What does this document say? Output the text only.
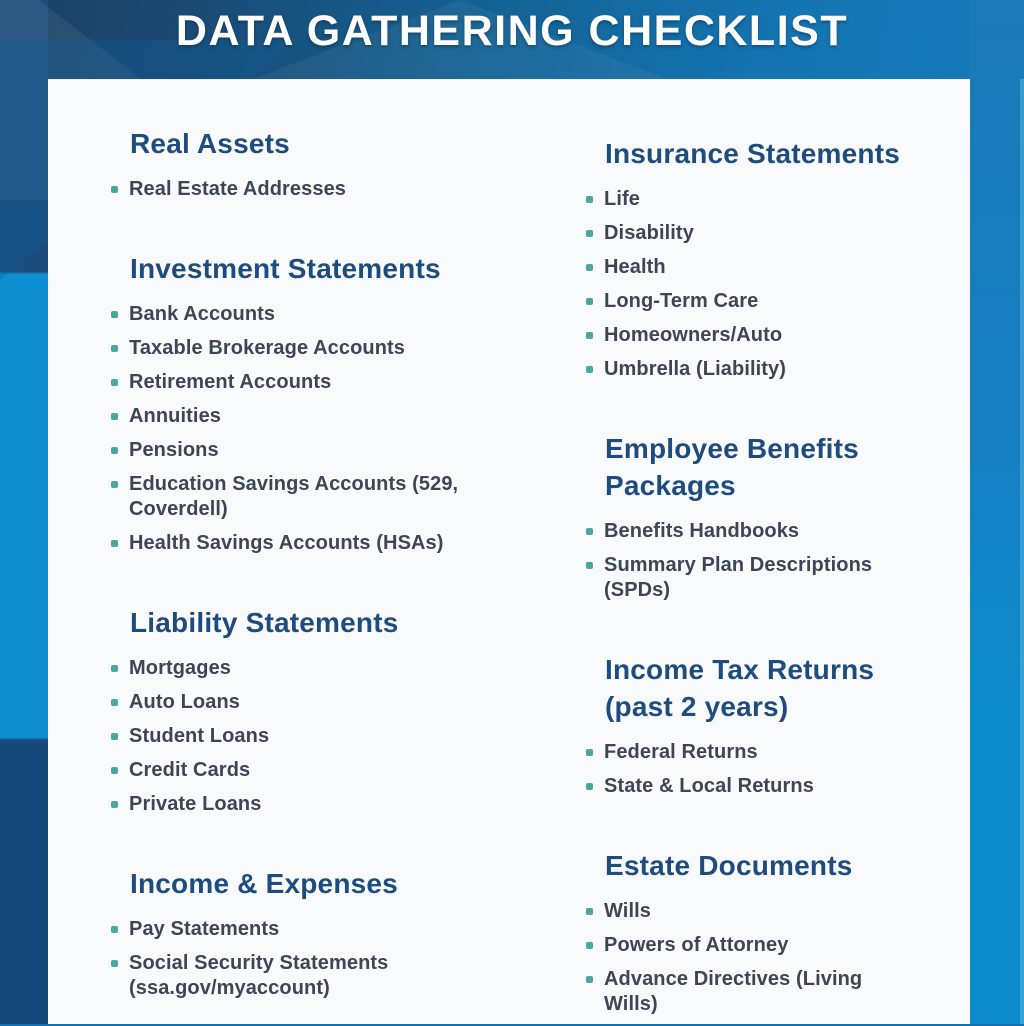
DATA GATHERING CHECKLIST
Real Assets
Real Estate Addresses
Investment Statements
Bank Accounts
Taxable Brokerage Accounts
Retirement Accounts
Annuities
Pensions
Education Savings Accounts (529, Coverdell)
Health Savings Accounts (HSAs)
Liability Statements
Mortgages
Auto Loans
Student Loans
Credit Cards
Private Loans
Income & Expenses
Pay Statements
Social Security Statements (ssa.gov/myaccount)
Insurance Statements
Life
Disability
Health
Long-Term Care
Homeowners/Auto
Umbrella (Liability)
Employee Benefits Packages
Benefits Handbooks
Summary Plan Descriptions (SPDs)
Income Tax Returns (past 2 years)
Federal Returns
State & Local Returns
Estate Documents
Wills
Powers of Attorney
Advance Directives (Living Wills)
